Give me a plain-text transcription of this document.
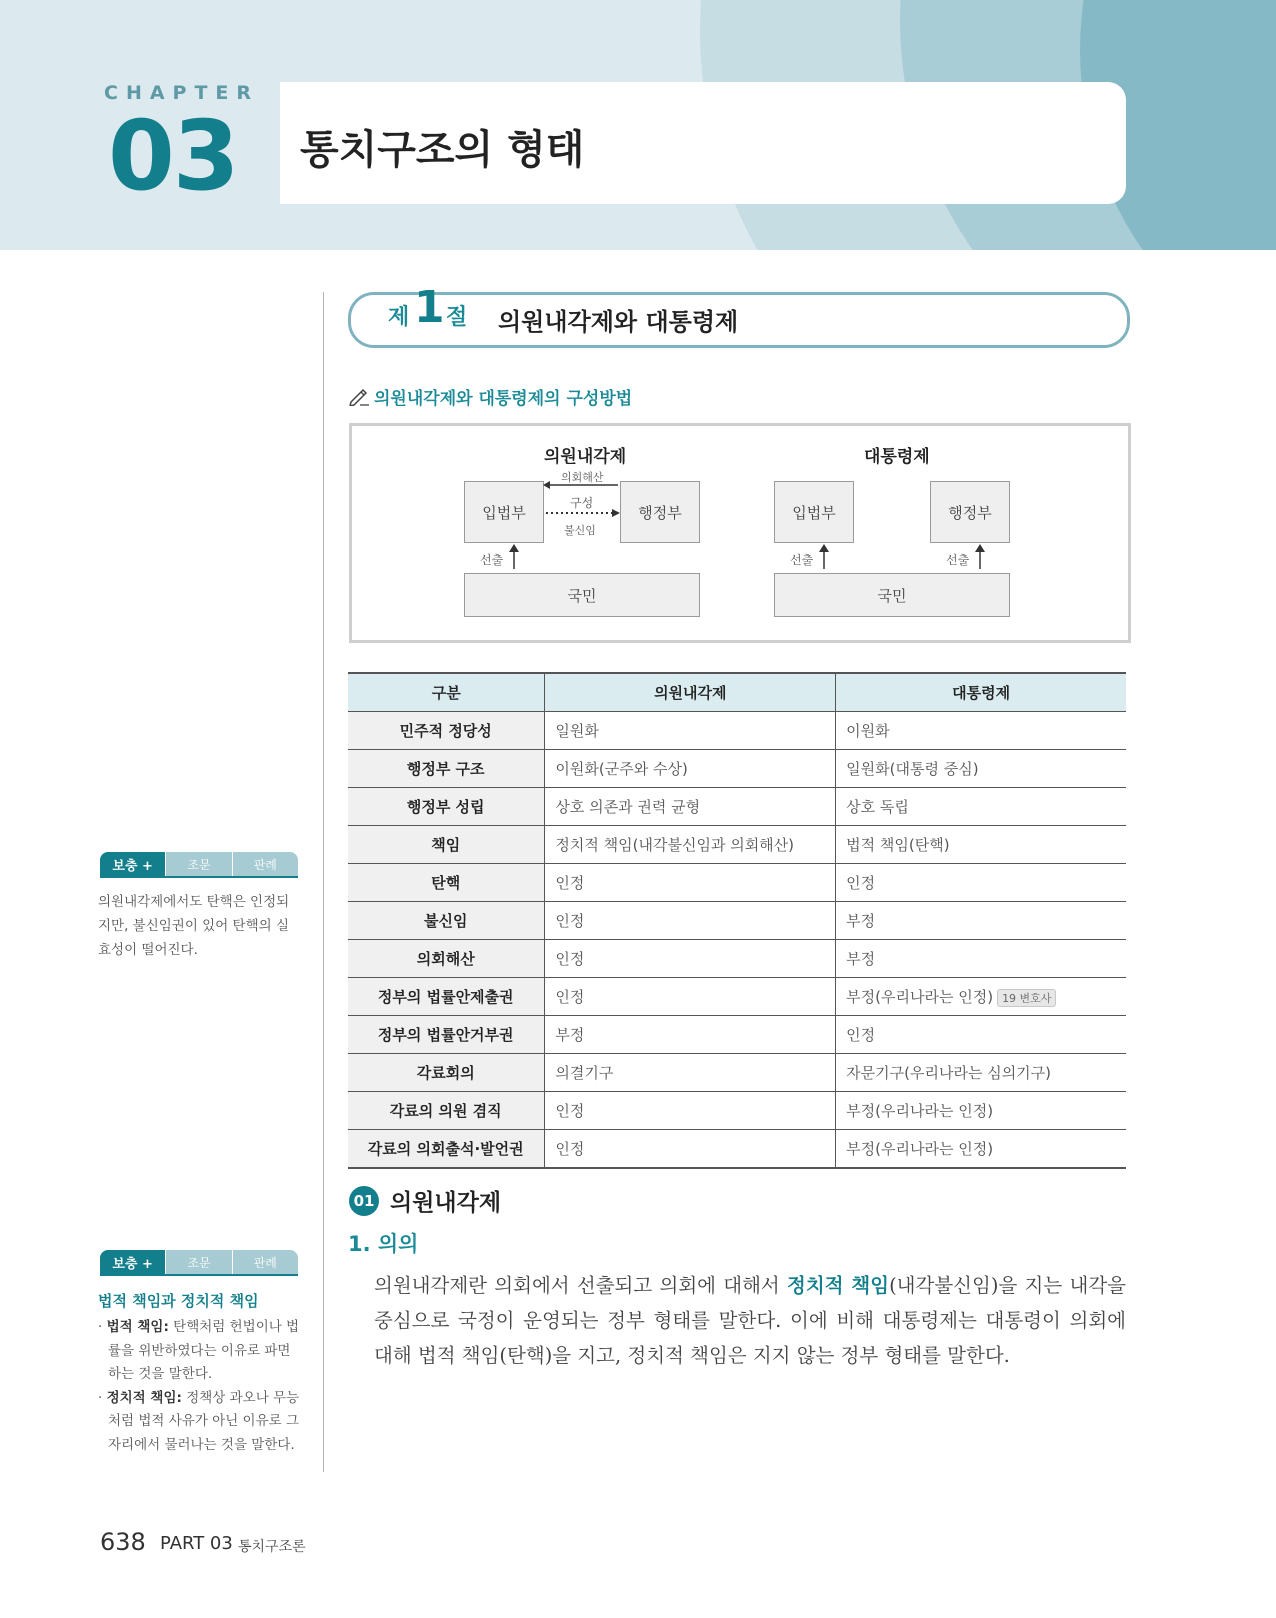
CHAPTER
03 통치구조의 형태
제 1 절 의원내각제와 대통령제
의원내각제와 대통령제의 구성방법
의원내각제
입법부	행정부
의회해산
구성
불신임
선출
국민
대통령제
입법부	행정부
선출	선출
국민
구분	의원내각제	대통령제
민주적 정당성	일원화	이원화
행정부 구조	이원화(군주와 수상)	일원화(대통령 중심)
행정부 성립	상호 의존과 권력 균형	상호 독립
책임	정치적 책임(내각불신임과 의회해산)	법적 책임(탄핵)
탄핵	인정	인정
불신임	인정	부정
의회해산	인정	부정
정부의 법률안제출권	인정	부정(우리나라는 인정) 19 변호사
정부의 법률안거부권	부정	인정
각료회의	의결기구	자문기구(우리나라는 심의기구)
각료의 의원 겸직	인정	부정(우리나라는 인정)
각료의 의회출석·발언권	인정	부정(우리나라는 인정)
01 의원내각제
1. 의의
의원내각제란 의회에서 선출되고 의회에 대해서 정치적 책임(내각불신임)을 지는 내각을 중심으로 국정이 운영되는 정부 형태를 말한다. 이에 비해 대통령제는 대통령이 의회에 대해 법적 책임(탄핵)을 지고, 정치적 책임은 지지 않는 정부 형태를 말한다.
보충 +	조문	판례
의원내각제에서도 탄핵은 인정되지만, 불신임권이 있어 탄핵의 실효성이 떨어진다.
보충 +	조문	판례
법적 책임과 정치적 책임
· 법적 책임: 탄핵처럼 헌법이나 법률을 위반하였다는 이유로 파면하는 것을 말한다.
· 정치적 책임: 정책상 과오나 무능처럼 법적 사유가 아닌 이유로 그 자리에서 물러나는 것을 말한다.
638 PART 03 통치구조론
